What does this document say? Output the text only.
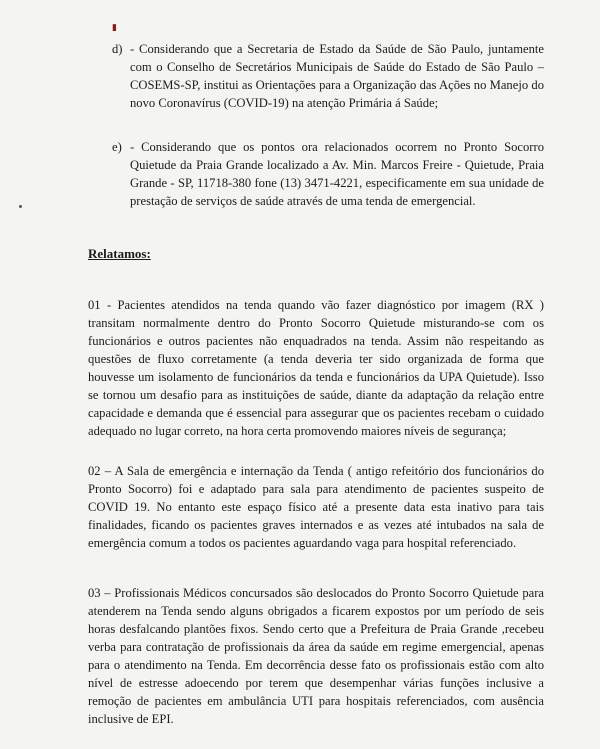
▮
d) - Considerando que a Secretaria de Estado da Saúde de São Paulo, juntamente com o Conselho de Secretários Municipais de Saúde do Estado de São Paulo – COSEMS-SP, institui as Orientações para a Organização das Ações no Manejo do novo Coronavírus (COVID-19) na atenção Primária á Saúde;
e) - Considerando que os pontos ora relacionados ocorrem no Pronto Socorro Quietude da Praia Grande localizado a Av. Min. Marcos Freire - Quietude, Praia Grande - SP, 11718-380 fone (13) 3471-4221, especificamente em sua unidade de prestação de serviços de saúde através de uma tenda de emergencial.
Relatamos:
01 - Pacientes atendidos na tenda quando vão fazer diagnóstico por imagem (RX ) transitam normalmente dentro do Pronto Socorro Quietude misturando-se com os funcionários e outros pacientes não enquadrados na tenda. Assim não respeitando as questões de fluxo corretamente (a tenda deveria ter sido organizada de forma que houvesse um isolamento de funcionários da tenda e funcionários da UPA Quietude). Isso se tornou um desafio para as instituições de saúde, diante da adaptação da relação entre capacidade e demanda que é essencial para assegurar que os pacientes recebam o cuidado adequado no lugar correto, na hora certa promovendo maiores níveis de segurança;
02 – A Sala de emergência e internação da Tenda ( antigo refeitório dos funcionários do Pronto Socorro) foi e adaptado para sala para atendimento de pacientes suspeito de COVID 19. No entanto este espaço físico até a presente data esta inativo para tais finalidades, ficando os pacientes graves internados e as vezes até intubados na sala de emergência comum a todos os pacientes aguardando vaga para hospital referenciado.
03 – Profissionais Médicos concursados são deslocados do Pronto Socorro Quietude para atenderem na Tenda sendo alguns obrigados a ficarem expostos por um período de seis horas desfalcando plantões fixos. Sendo certo que a Prefeitura de Praia Grande ,recebeu verba para contratação de profissionais da área da saúde em regime emergencial, apenas para o atendimento na Tenda. Em decorrência desse fato os profissionais estão com alto nível de estresse adoecendo por terem que desempenhar várias funções inclusive a remoção de pacientes em ambulância UTI para hospitais referenciados, com ausência inclusive de EPI.
